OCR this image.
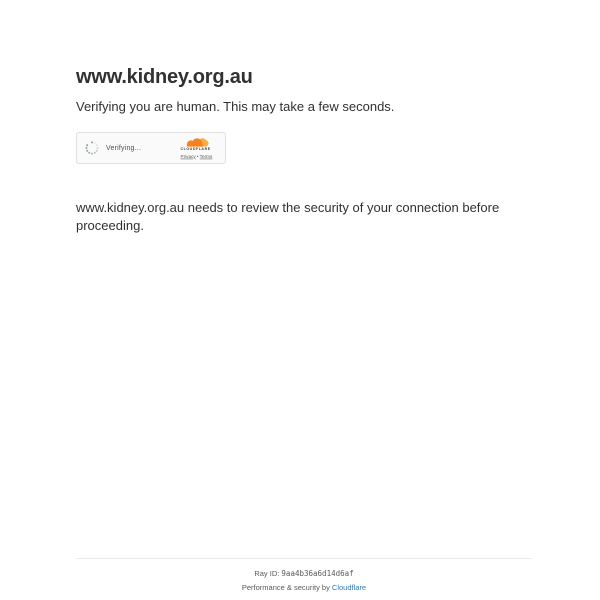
www.kidney.org.au
Verifying you are human. This may take a few seconds.
Verifying...	CLOUDFLARE
Privacy•Terms

www.kidney.org.au needs to review the security of your connection before proceeding.

Ray ID: 9aa4b36a6d14d6af
Performance & security by Cloudflare
